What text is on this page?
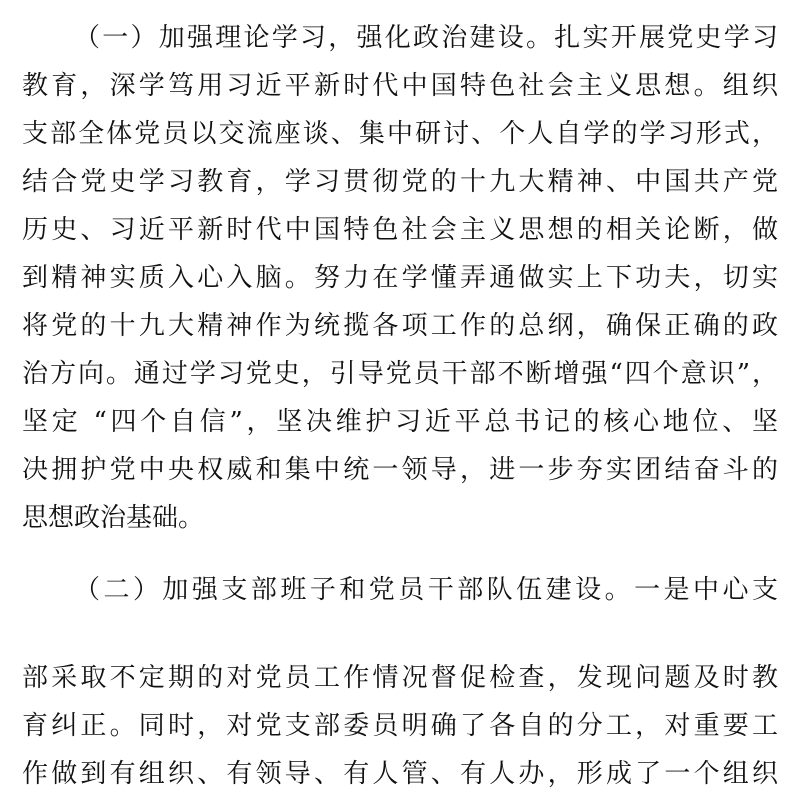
（一）加强理论学习，强化政治建设。扎实开展党史学习
教育，深学笃用习近平新时代中国特色社会主义思想。组织
支部全体党员以交流座谈、集中研讨、个人自学的学习形式，
结合党史学习教育，学习贯彻党的十九大精神、中国共产党
历史、习近平新时代中国特色社会主义思想的相关论断，做
到精神实质入心入脑。努力在学懂弄通做实上下功夫，切实
将党的十九大精神作为统揽各项工作的总纲，确保正确的政
治方向。通过学习党史，引导党员干部不断增强“四个意识”，
坚定 “四个自信”，坚决维护习近平总书记的核心地位、坚
决拥护党中央权威和集中统一领导，进一步夯实团结奋斗的
思想政治基础。
（二）加强支部班子和党员干部队伍建设。一是中心支
部采取不定期的对党员工作情况督促检查，发现问题及时教
育纠正。同时，对党支部委员明确了各自的分工，对重要工
作做到有组织、有领导、有人管、有人办，形成了一个组织
